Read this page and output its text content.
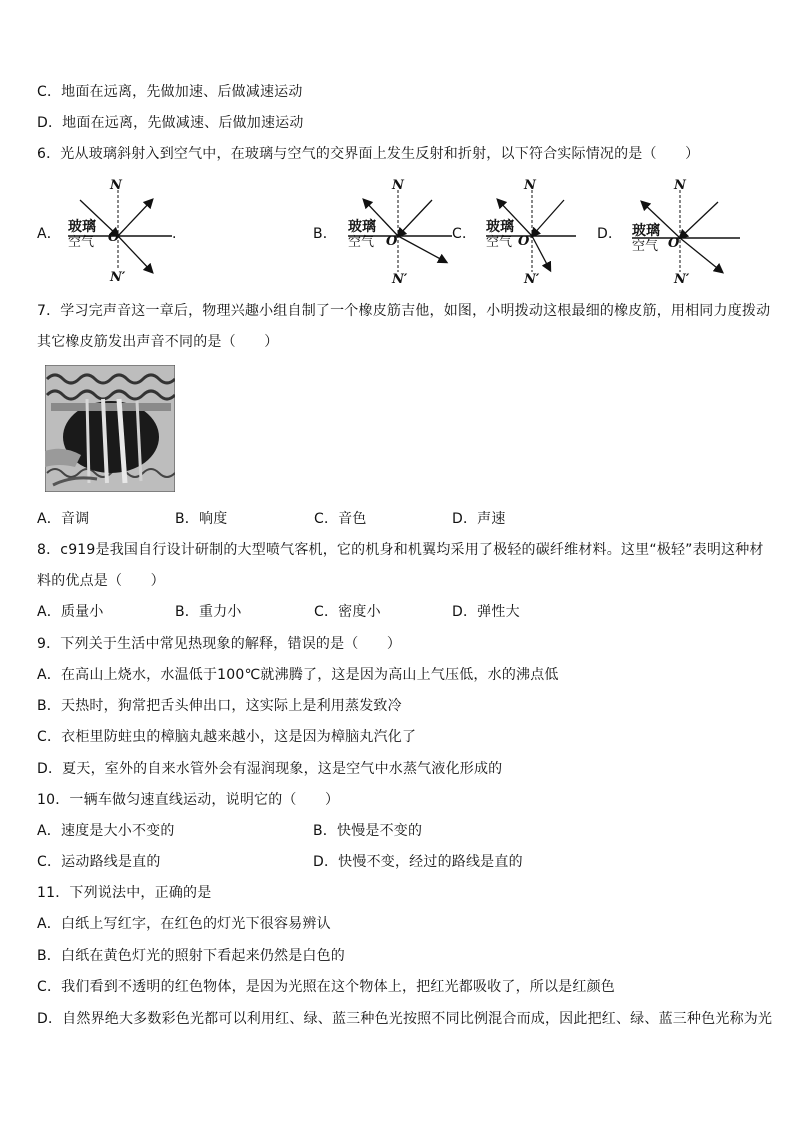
C．地面在远离，先做加速、后做减速运动
D．地面在远离，先做减速、后做加速运动
6．光从玻璃斜射入到空气中，在玻璃与空气的交界面上发生反射和折射，以下符合实际情况的是（　　）
A．	.	B．	C．	D．
N
N′
O
玻璃
空气
N
N′
O
玻璃
空气
N
N′
O
玻璃
空气
N
N′
O
玻璃
空气
7．学习完声音这一章后，物理兴趣小组自制了一个橡皮筋吉他，如图，小明拨动这根最细的橡皮筋，用相同力度拨动
其它橡皮筋发出声音不同的是（　　）
A．音调	B．响度	C．音色	D．声速
8．c919是我国自行设计研制的大型喷气客机，它的机身和机翼均采用了极轻的碳纤维材料。这里“极轻”表明这种材
料的优点是（　　）
A．质量小	B．重力小	C．密度小	D．弹性大
9．下列关于生活中常见热现象的解释，错误的是（　　）
A．在高山上烧水，水温低于100℃就沸腾了，这是因为高山上气压低，水的沸点低
B．天热时，狗常把舌头伸出口，这实际上是利用蒸发致冷
C．衣柜里防蛀虫的樟脑丸越来越小，这是因为樟脑丸汽化了
D．夏天，室外的自来水管外会有湿润现象，这是空气中水蒸气液化形成的
10．一辆车做匀速直线运动，说明它的（　　）
A．速度是大小不变的	B．快慢是不变的
C．运动路线是直的	D．快慢不变，经过的路线是直的
11．下列说法中，正确的是
A．白纸上写红字，在红色的灯光下很容易辨认
B．白纸在黄色灯光的照射下看起来仍然是白色的
C．我们看到不透明的红色物体，是因为光照在这个物体上，把红光都吸收了，所以是红颜色
D．自然界绝大多数彩色光都可以利用红、绿、蓝三种色光按照不同比例混合而成，因此把红、绿、蓝三种色光称为光
